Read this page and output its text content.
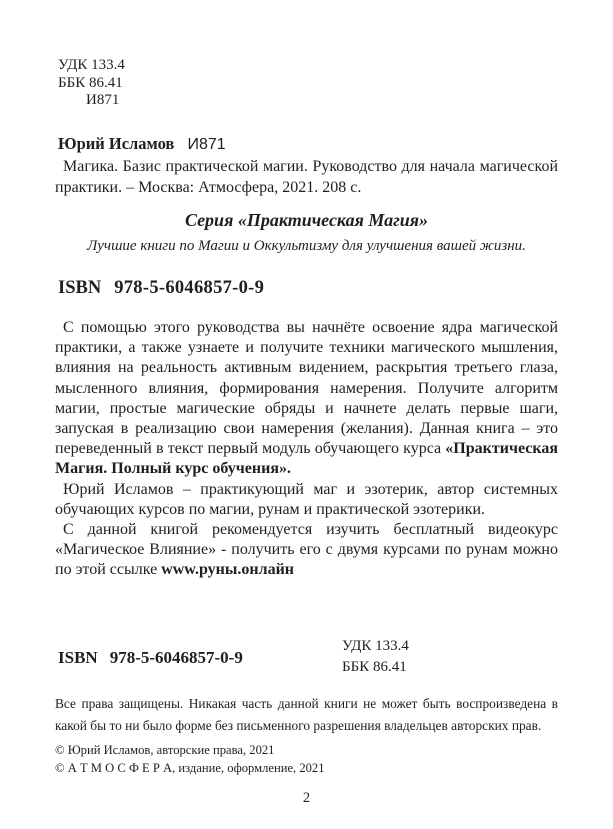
УДК 133.4
ББК 86.41
И871
Юрий Исламов И871

Магика. Базис практической магии. Руководство для начала магической практики. – Москва: Атмосфера, 2021. 208 с.

Серия «Практическая Магия»
Лучшие книги по Магии и Оккультизму для улучшения вашей жизни.
ISBN 978-5-6046857-0-9

С помощью этого руководства вы начнёте освоение ядра магической практики, а также узнаете и получите техники магического мышления, влияния на реальность активным видением, раскрытия третьего глаза, мысленного влияния, формирования намерения. Получите алгоритм магии, простые магические обряды и начнете делать первые шаги, запуская в реализацию свои намерения (желания). Данная книга – это переведенный в текст первый модуль обучающего курса «Практическая Магия. Полный курс обучения».

Юрий Исламов – практикующий маг и эзотерик, автор системных обучающих курсов по магии, рунам и практической эзотерики.

С данной книгой рекомендуется изучить бесплатный видеокурс «Магическое Влияние» - получить его с двумя курсами по рунам можно по этой ссылке www.руны.онлайн

ISBN 978-5-6046857-0-9
УДК 133.4
ББК 86.41

Все права защищены. Никакая часть данной книги не может быть воспроизведена в какой бы то ни было форме без письменного разрешения владельцев авторских прав.

© Юрий Исламов, авторские права, 2021
© А Т М О С Ф Е Р А, издание, оформление, 2021
2
